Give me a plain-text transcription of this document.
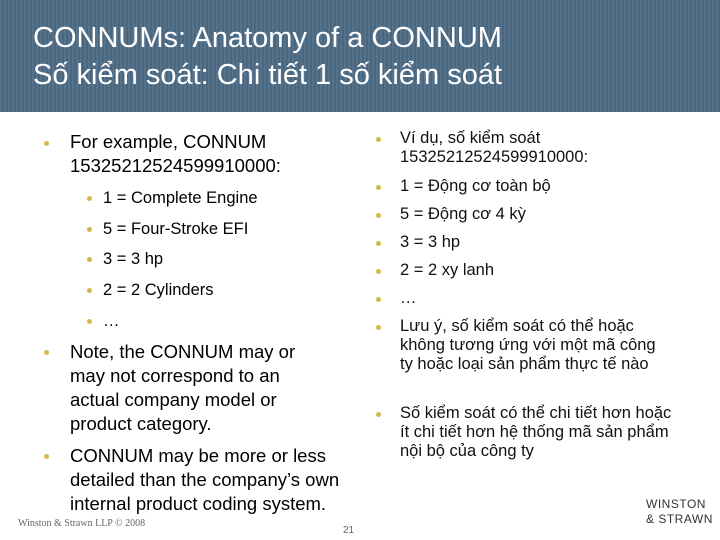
CONNUMs: Anatomy of a CONNUM
Số kiểm soát: Chi tiết 1 số kiểm soát
For example, CONNUM 15325212524599910000:
1 = Complete Engine
5 = Four-Stroke EFI
3 = 3 hp
2 = 2 Cylinders
…
Note, the CONNUM may or may not correspond to an actual company model or product category.
CONNUM may be more or less detailed than the company’s own internal product coding system.
Ví dụ, số kiểm soát 15325212524599910000:
1 = Động cơ toàn bộ
5 = Động cơ 4 kỳ
3 = 3 hp
2 = 2 xy lanh
…
Lưu ý, số kiểm soát có thể hoặc không tương ứng với một mã công ty hoặc loại sản phẩm thực tế nào
Số kiểm soát có thể chi tiết hơn hoặc ít chi tiết hơn hệ thống mã sản phẩm nội bộ của công ty
Winston & Strawn LLP © 2008
21
WINSTON
& STRAWN
